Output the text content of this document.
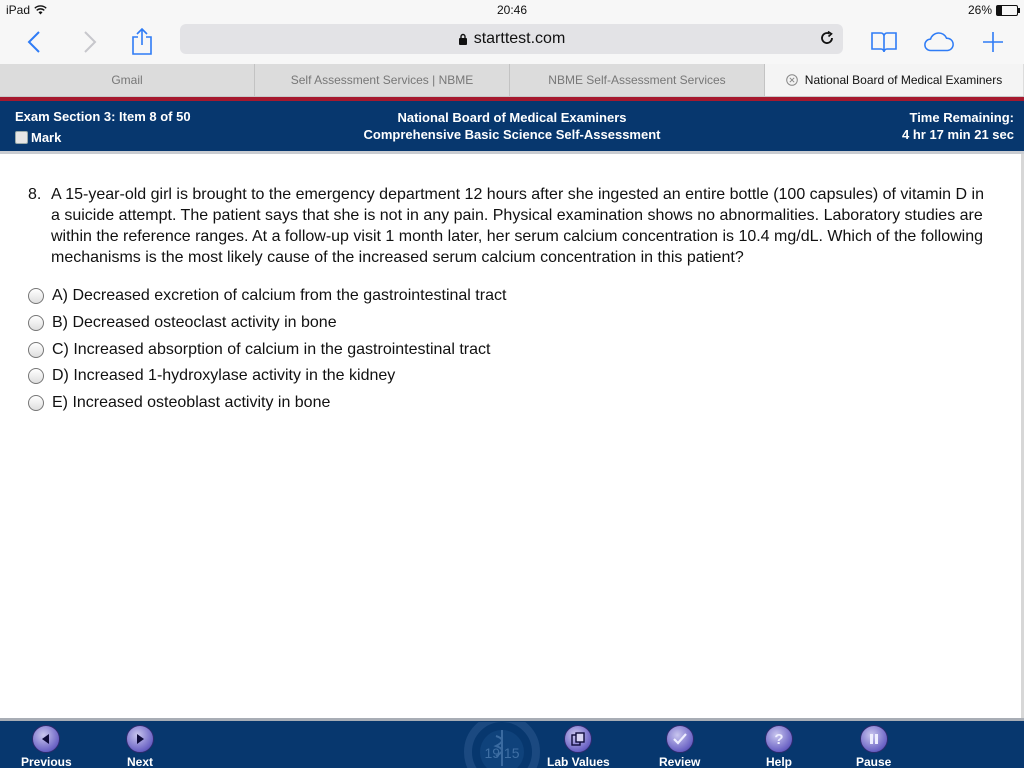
iPad	20:46	26%
starttest.com
Gmail	Self Assessment Services | NBME	NBME Self-Assessment Services	National Board of Medical Examiners
Exam Section 3: Item 8 of 50
Mark
National Board of Medical Examiners
Comprehensive Basic Science Self-Assessment
Time Remaining:
4 hr 17 min 21 sec
8. A 15-year-old girl is brought to the emergency department 12 hours after she ingested an entire bottle (100 capsules) of vitamin D in a suicide attempt. The patient says that she is not in any pain. Physical examination shows no abnormalities. Laboratory studies are within the reference ranges. At a follow-up visit 1 month later, her serum calcium concentration is 10.4 mg/dL. Which of the following mechanisms is the most likely cause of the increased serum calcium concentration in this patient?
A) Decreased excretion of calcium from the gastrointestinal tract
B) Decreased osteoclast activity in bone
C) Increased absorption of calcium in the gastrointestinal tract
D) Increased 1-hydroxylase activity in the kidney
E) Increased osteoblast activity in bone
19 15
Previous	Next	Lab Values	Review
?
Help	Pause
